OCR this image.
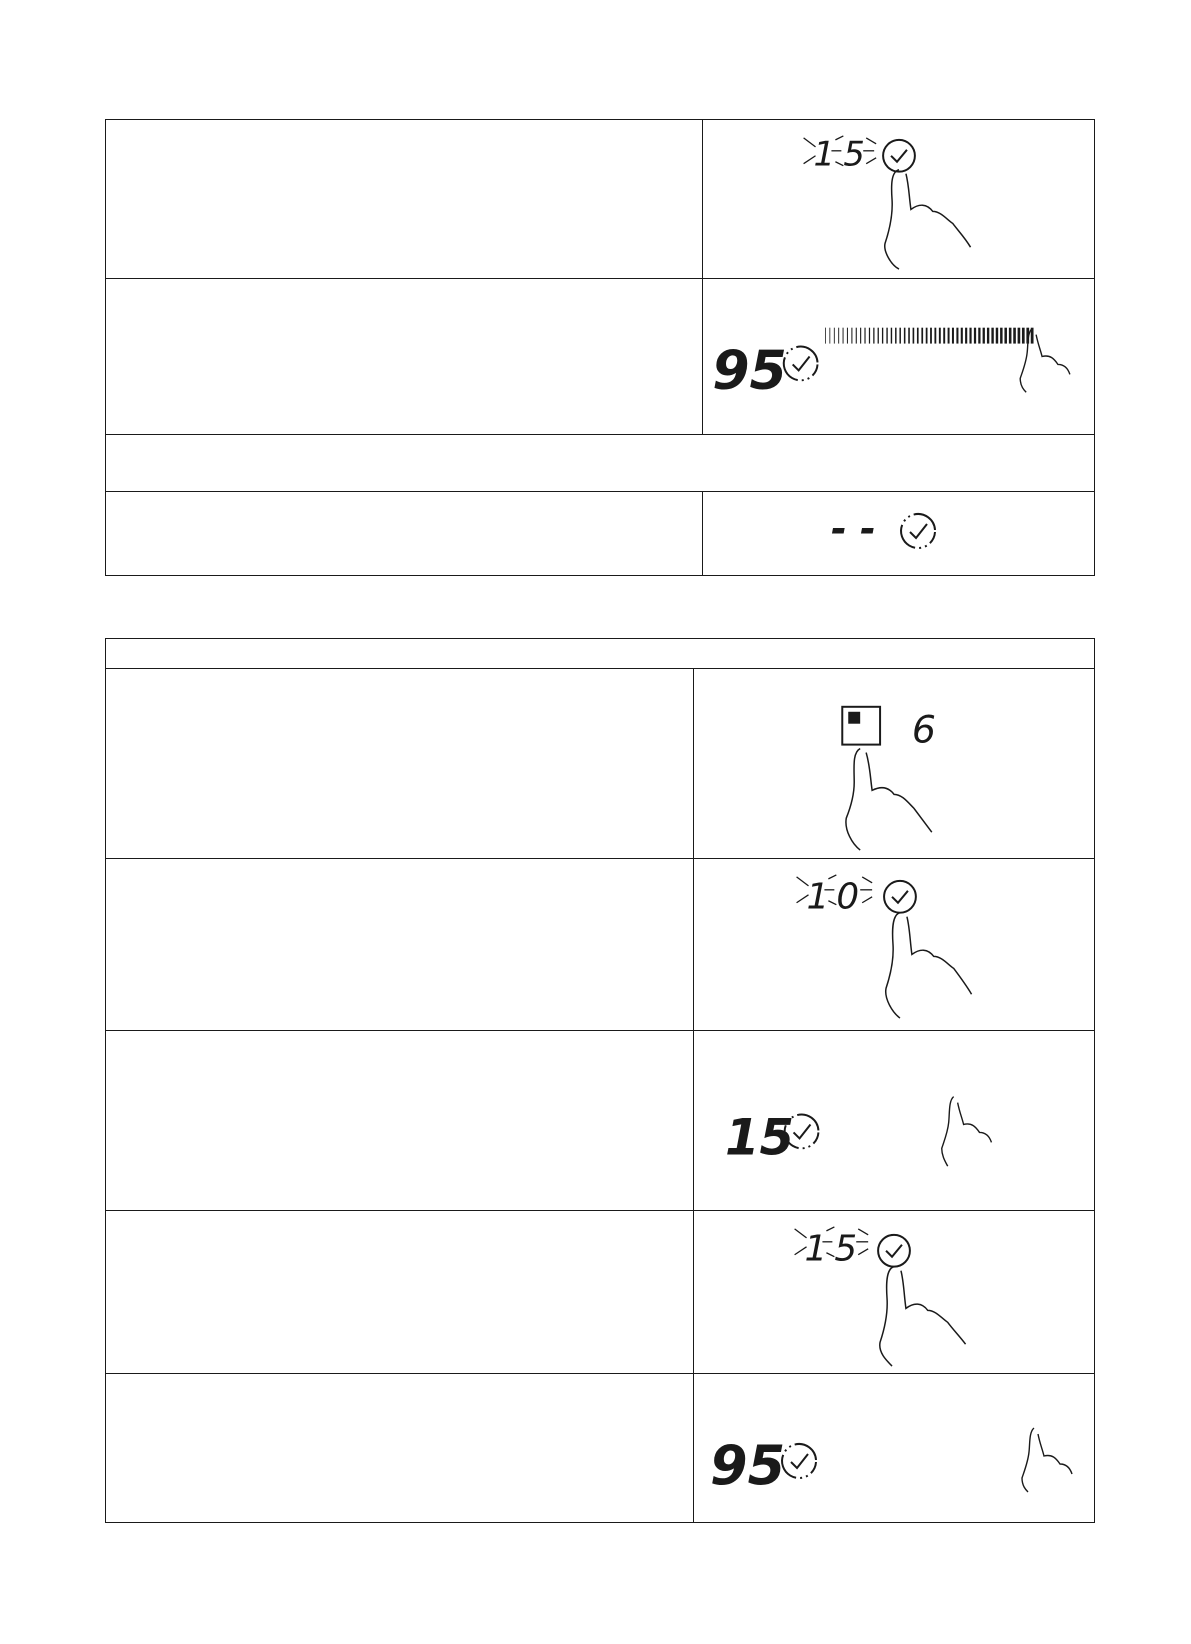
1 5
95
- -
6
1 0
15
1 5
95
